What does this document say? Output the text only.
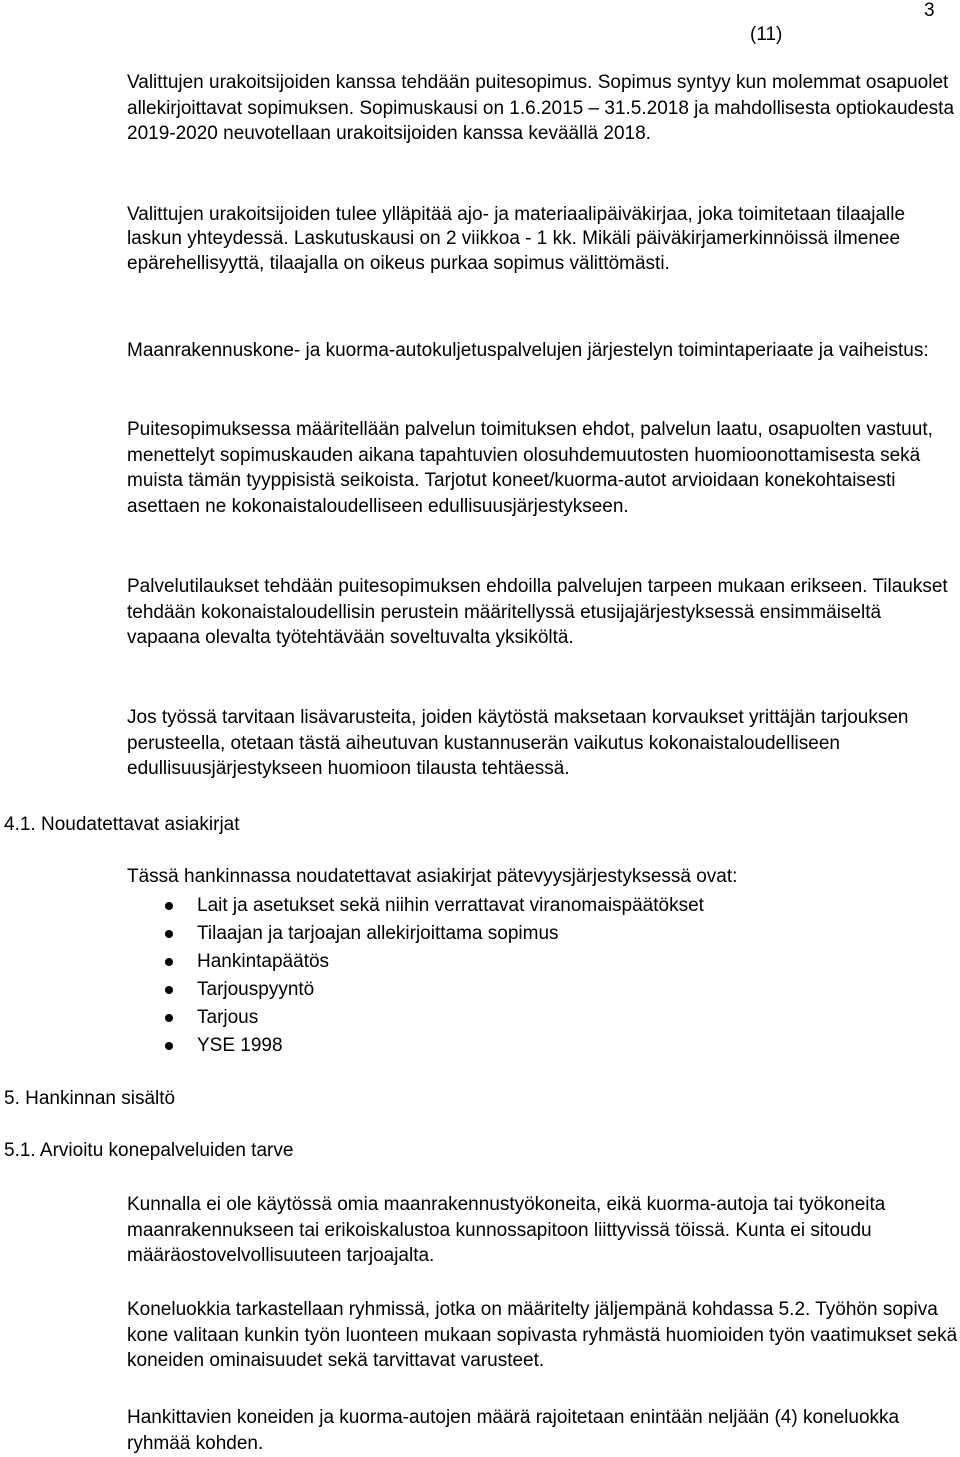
3
(11)

Valittujen urakoitsijoiden kanssa tehdään puitesopimus. Sopimus syntyy kun molemmat osapuolet allekirjoittavat sopimuksen. Sopimuskausi on 1.6.2015 – 31.5.2018 ja mahdollisesta optiokaudesta 2019-2020 neuvotellaan urakoitsijoiden kanssa keväällä 2018.

Valittujen urakoitsijoiden tulee ylläpitää ajo- ja materiaalipäiväkirjaa, joka toimitetaan tilaajalle laskun yhteydessä. Laskutuskausi on 2 viikkoa - 1 kk. Mikäli päiväkirjamerkinnöissä ilmenee epärehellisyyttä, tilaajalla on oikeus purkaa sopimus välittömästi.

Maanrakennuskone- ja kuorma-autokuljetuspalvelujen järjestelyn toimintaperiaate ja vaiheistus:

Puitesopimuksessa määritellään palvelun toimituksen ehdot, palvelun laatu, osapuolten vastuut, menettelyt sopimuskauden aikana tapahtuvien olosuhdemuutosten huomioonottamisesta sekä muista tämän tyyppisistä seikoista. Tarjotut koneet/kuorma-autot arvioidaan konekohtaisesti asettaen ne kokonaistaloudelliseen edullisuusjärjestykseen.

Palvelutilaukset tehdään puitesopimuksen ehdoilla palvelujen tarpeen mukaan erikseen. Tilaukset tehdään kokonaistaloudellisin perustein määritellyssä etusijajärjestyksessä ensimmäiseltä vapaana olevalta työtehtävään soveltuvalta yksiköltä.

Jos työssä tarvitaan lisävarusteita, joiden käytöstä maksetaan korvaukset yrittäjän tarjouksen perusteella, otetaan tästä aiheutuvan kustannuserän vaikutus kokonaistaloudelliseen edullisuusjärjestykseen huomioon tilausta tehtäessä.

4.1. Noudatettavat asiakirjat

Tässä hankinnassa noudatettavat asiakirjat pätevyysjärjestyksessä ovat:

Lait ja asetukset sekä niihin verrattavat viranomaispäätökset
Tilaajan ja tarjoajan allekirjoittama sopimus
Hankintapäätös
Tarjouspyyntö
Tarjous
YSE 1998
5. Hankinnan sisältö
5.1. Arvioitu konepalveluiden tarve

Kunnalla ei ole käytössä omia maanrakennustyökoneita, eikä kuorma-autoja tai työkoneita maanrakennukseen tai erikoiskalustoa kunnossapitoon liittyvissä töissä. Kunta ei sitoudu määräostovelvollisuuteen tarjoajalta.

Koneluokkia tarkastellaan ryhmissä, jotka on määritelty jäljempänä kohdassa 5.2. Työhön sopiva kone valitaan kunkin työn luonteen mukaan sopivasta ryhmästä huomioiden työn vaatimukset sekä koneiden ominaisuudet sekä tarvittavat varusteet.

Hankittavien koneiden ja kuorma-autojen määrä rajoitetaan enintään neljään (4) koneluokka ryhmää kohden.
